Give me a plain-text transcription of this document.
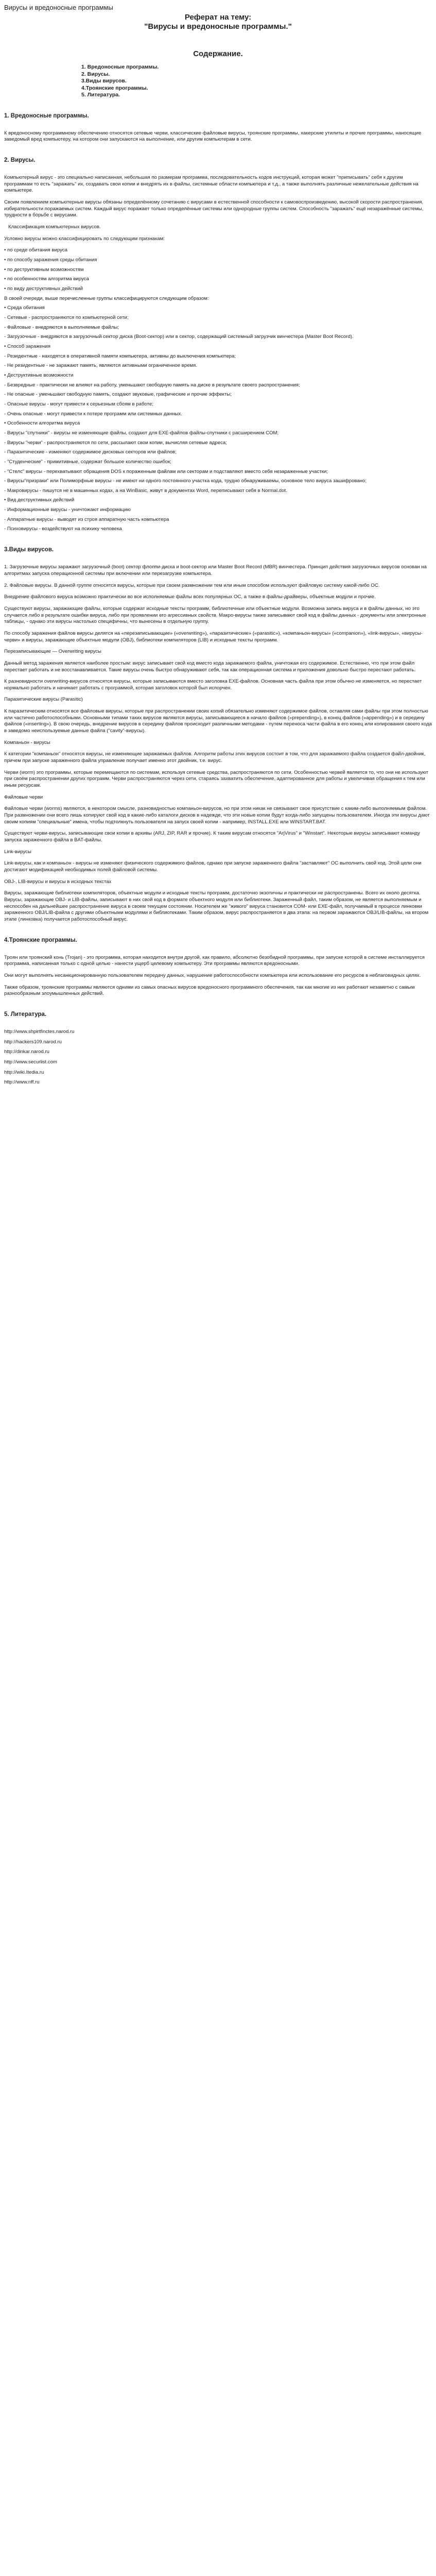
Вирусы и вредоносные программы
Реферат на тему:
"Вирусы и вредоносные программы."
Содержание.
1. Вредоносные программы.
2. Вирусы.
3.Виды вирусов.
4.Троянские программы.
5. Литература.
1. Вредоносные программы.

К вредоносному программному обеспечению относятся сетевые черви, классические файловые вирусы, троянские программы, хакерские утилиты и прочие программы, наносящие заведомый вред компьютеру, на котором они запускаются на выполнение, или другим компьютерам в сети.

2. Вирусы.

Компьютерный вирус - это специально написанная, небольшая по размерам программа, последовательность кодов инструкций, которая может "приписывать" себя к другим программам то есть "заражать" их, создавать свои копии и внедрять их в файлы, системные области компьютера и т.д., а также выполнять различные нежелательные действия на компьютере.

Своим появлением компьютерные вирусы обязаны определённому сочетанию с вирусами в естественной способности к самовоспроизведению, высокой скорости распространения, избирательности поражаемых систем. Каждый вирус поражает только определённые системы или однородные группы систем. Способность "заражать" ещё незаражённые системы, трудности в борьбе с вирусами.

Классификация компьютерных вирусов.

Условно вирусы можно классифицировать по следующим признакам:

• по среде обитания вируса
• по способу заражения среды обитания
• по деструктивным возможностям
• по особенностям алгоритма вируса
• по виду деструктивных действий
В своей очереди, выше перечисленные группы классифицируются следующим образом:
• Среда обитания
- Сетевые - распространяются по компьютерной сети;
- Файловые - внедряются в выполняемые файлы;
- Загрузочные - внедряются в загрузочный сектор диска (Boot-сектор) или в сектор, содержащий системный загрузчик винчестера (Master Boot Record).
• Способ заражения
- Резидентные - находятся в оперативной памяти компьютера, активны до выключения компьютера;
- Не резидентные - не заражают память, являются активными ограниченное время.
• Деструктивные возможности
- Безвредные - практически не влияют на работу, уменьшают свободную память на диске в результате своего распространения;
- Не опасные - уменьшают свободную память, создают звуковые, графические и прочие эффекты;
- Опасные вирусы - могут привести к серьезным сбоям в работе;
- Очень опасные - могут привести к потере программ или системных данных.
• Особенности алгоритма вируса
- Вирусы "спутники" - вирусы не изменяющие файлы, создают для EXE-файлов файлы-спутники с расширением COM;
- Вирусы "черви" - распространяются по сети, рассылают свои копии, вычисляя сетевые адреса;
- Паразитические - изменяют содержимое дисковых секторов или файлов;
- "Студенческие" - примитивные, содержат большое количество ошибок;
- "Стелс" вирусы - перехватывают обращения DOS к пораженным файлам или секторам и подставляют вместо себя незараженные участки;
- Вирусы"призраки" или Полиморфные вирусы - не имеют ни одного постоянного участка кода, трудно обнаруживаемы, основное тело вируса зашифровано;
- Макровирусы - пишутся не в машинных кодах, а на WinBasic, живут в документах Word, переписывают себя в Normal.dot.
• Вид деструктивных действий
- Информационные вирусы - уничтожают информацию
- Аппаратные вирусы - выводят из строя аппаратную часть компьютера
- Психовирусы - воздействуют на психику человека
3.Виды вирусов.

1. Загрузочные вирусы заражают загрузочный (boot) сектор флоппи-диска и boot-сектор или Master Boot Record (MBR) винчестера. Принцип действия загрузочных вирусов основан на алгоритмах запуска операционной системы при включении или перезагрузке компьютера.

2. Файловые вирусы. В данной группе относятся вирусы, которые при своем размножении тем или иным способом используют файловую систему какой-либо ОС.

Внедрение файлового вируса возможно практически во все исполняемые файлы всех популярных ОС, а также в файлы-драйверы, объектные модули и прочие.

Существуют вирусы, заражающие файлы, которые содержат исходные тексты программ, библиотечные или объектные модули. Возможна запись вируса и в файлы данных, но это случается либо в результате ошибки вируса, либо при проявлении его агрессивных свойств. Макро-вирусы также записывают свой код в файлы данных - документы или электронные таблицы, - однако эти вирусы настолько специфичны, что вынесены в отдельную группу.

По способу заражения файлов вирусы делятся на «перезаписывающие» («overwriting»), «паразитические» («parasitic»), «компаньон-вирусы» («companion»), «link-вирусы», «вирусы-черви» и вирусы, заражающие объектные модули (OBJ), библиотеки компиляторов (LIB) и исходные тексты программ.

Перезаписывающие — Overwriting вирусы

Данный метод заражения является наиболее простым: вирус записывает свой код вместо кода заражаемого файла, уничтожая его содержимое. Естественно, что при этом файл перестает работать и не восстанавливается. Такие вирусы очень быстро обнаруживают себя, так как операционная система и приложения довольно быстро перестают работать.

К разновидности overwriting-вирусов относятся вирусы, которые записываются вместо заголовка EXE-файлов. Основная часть файла при этом обычно не изменяется, но перестает нормально работать и начинает работать с программой, которая заголовок которой был испорчен.

Паразитические вирусы (Parasitic)

К паразитическим относятся все файловые вирусы, которые при распространении своих копий обязательно изменяют содержимое файлов, оставляя сами файлы при этом полностью или частично работоспособными. Основными типами таких вирусов являются вирусы, записывающиеся в начало файлов («prepending»), в конец файлов («appending») и в середину файлов («inserting»). В свою очередь, внедрение вирусов в середину файлов происходит различными методами - путем переноса части файла в его конец или копирования своего кода в заведомо неиспользуемые данные файла ("cavity"-вирусы).

Компаньон - вирусы

К категории "компаньон" относятся вирусы, не изменяющие заражаемых файлов. Алгоритм работы этих вирусов состоит в том, что для заражаемого файла создается файл-двойник, причем при запуске зараженного файла управление получает именно этот двойник, т.е. вирус.

Черви (worm) это программы, которые перемещаются по системам, используя сетевые средства, распространяются по сети. Особенностью червей является то, что они не используют при своём распространении других программ. Черви распространяются через сети, стараясь захватить обеспечение, адаптированное для работы и увеличивая обращения к тем или иным ресурсам.

Файловые черви

Файловые черви (worms) являются, в некотором смысле, разновидностью компаньон-вирусов, но при этом никак не связывают свое присутствие с каким-либо выполняемым файлом. При размножении они всего лишь копируют свой код в какие-либо каталоги дисков в надежде, что эти новые копии будут когда-либо запущены пользователем. Иногда эти вирусы дают своим копиям "специальные" имена, чтобы подтолкнуть пользователя на запуск своей копии - например, INSTALL.EXE или WINSTART.BAT.

Существуют черви-вирусы, записывающие свои копии в архивы (ARJ, ZIP, RAR и прочие). К таким вирусам относятся "ArjVirus" и "Winstart". Некоторые вирусы записывают команду запуска зараженного файла в BAT-файлы.

Link-вирусы

Link-вирусы, как и компаньон - вирусы не изменяют физического содержимого файлов, однако при запуске зараженного файла "заставляют" ОС выполнить свой код. Этой цели они достигают модификацией необходимых полей файловой системы.

OBJ-, LIB-вирусы и вирусы в исходных текстах

Вирусы, заражающие библиотеки компиляторов, объектные модули и исходные тексты программ, достаточно экзотичны и практически не распространены. Всего их около десятка. Вирусы, заражающие OBJ- и LIB-файлы, записывают в них свой код в формате объектного модуля или библиотеки. Зараженный файл, таким образом, не является выполняемым и неспособен на дальнейшее распространение вируса в своем текущем состоянии. Носителем же "живого" вируса становится COM- или EXE-файл, получаемый в процессе линковки зараженного OBJ/LIB-файла с другими объектными модулями и библиотеками. Таким образом, вирус распространяется в два этапа: на первом заражаются OBJ/LIB-файлы, на втором этапе (линковка) получается работоспособный вирус.

4.Троянские программы.

Троян или троянский конь (Trojan) - это программа, которая находится внутри другой, как правило, абсолютно безобидной программы, при запуске которой в системе инсталлируется программа, написанная только с одной целью - нанести ущерб целевому компьютеру. Эти программы являются вредоносными.

Они могут выполнять несанкционированную пользователем передачу данных, нарушение работоспособности компьютера или использование его ресурсов в неблаговидных целях.

Также образом, троянские программы являются одними из самых опасных вирусов вредоносного программного обеспечения, так как многие из них работают незаметно с самым разнообразным злоумышленных действий.

5. Литература.
http://www.shpirtfinctes.narod.ru
http://hackers109.narod.ru
http://dinkar.narod.ru
http://www.securlist.com
http://wiki.Itedia.ru
http://www.nff.ru
